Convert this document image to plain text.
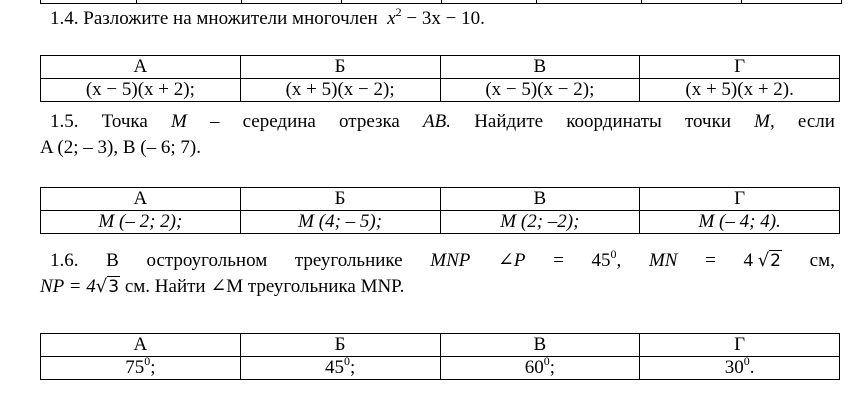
1.4. Разложите на множители многочлен $x^2 - 3x - 10$.
А	Б	В	Г
(x − 5)(x + 2);	(x + 5)(x − 2);	(x − 5)(x − 2);	(x + 5)(x + 2).
1.5. Точка M – середина отрезка AB. Найдите координаты точки M, если
A (2; – 3), B (– 6; 7).
А	Б	В	Г
M (– 2; 2);	M (4; – 5);	M (2; –2);	M (– 4; 4).
1.6. В остроугольном треугольнике MNP ∠P = $45^0$, MN = 4 √2 см,
NP = 4√3 см. Найти ∠M треугольника MNP.
А	Б	В	Г
$75^0$;	$45^0$;	$60^0$;	$30^0$.
